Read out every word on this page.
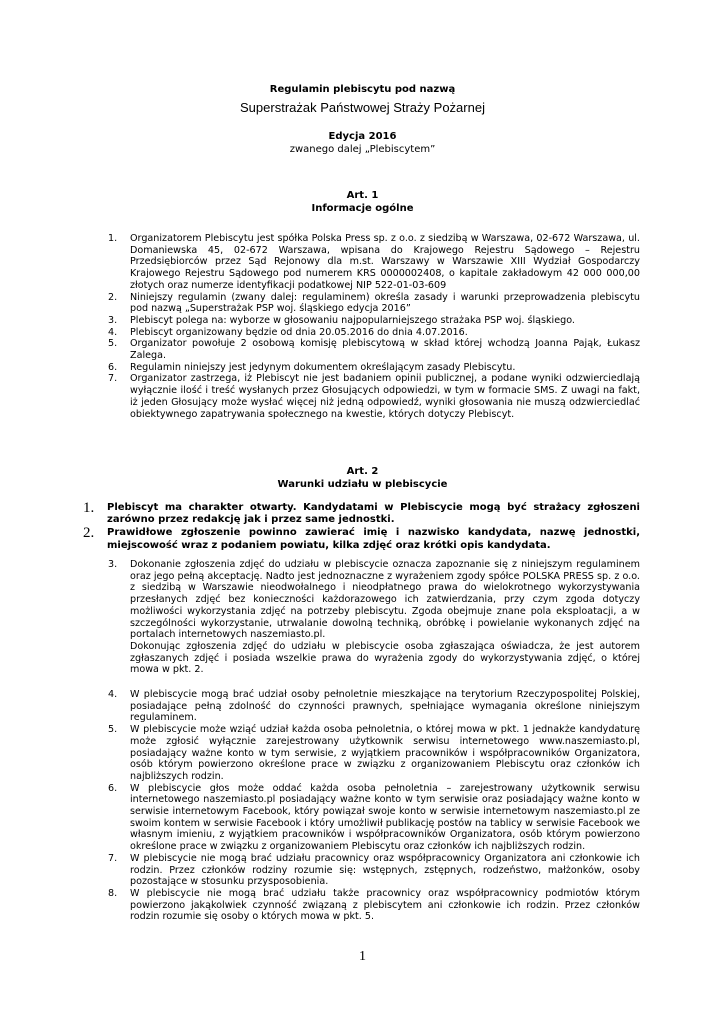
Regulamin plebiscytu pod nazwą
Superstrażak Państwowej Straży Pożarnej
Edycja 2016
zwanego dalej „Plebiscytem”
Art. 1
Informacje ogólne
1. Organizatorem Plebiscytu jest spółka Polska Press sp. z o.o. z siedzibą w Warszawa, 02-672 Warszawa, ul. Domaniewska 45, 02-672 Warszawa, wpisana do Krajowego Rejestru Sądowego – Rejestru Przedsiębiorców przez Sąd Rejonowy dla m.st. Warszawy w Warszawie XIII Wydział Gospodarczy Krajowego Rejestru Sądowego pod numerem KRS 0000002408, o kapitale zakładowym 42 000 000,00 złotych oraz numerze identyfikacji podatkowej NIP 522-01-03-609
2. Niniejszy regulamin (zwany dalej: regulaminem) określa zasady i warunki przeprowadzenia plebiscytu pod nazwą „Superstrażak PSP woj. śląskiego edycja 2016”
3. Plebiscyt polega na: wyborze w głosowaniu najpopularniejszego strażaka PSP woj. śląskiego.
4. Plebiscyt organizowany będzie od dnia 20.05.2016 do dnia 4.07.2016.
5. Organizator powołuje 2 osobową komisję plebiscytową w skład której wchodzą Joanna Pająk, Łukasz Zalega.
6. Regulamin niniejszy jest jedynym dokumentem określającym zasady Plebiscytu.
7. Organizator zastrzega, iż Plebiscyt nie jest badaniem opinii publicznej, a podane wyniki odzwierciedlają wyłącznie ilość i treść wysłanych przez Głosujących odpowiedzi, w tym w formacie SMS. Z uwagi na fakt, iż jeden Głosujący może wysłać więcej niż jedną odpowiedź, wyniki głosowania nie muszą odzwierciedlać obiektywnego zapatrywania społecznego na kwestie, których dotyczy Plebiscyt.
Art. 2
Warunki udziału w plebiscycie
1. Plebiscyt ma charakter otwarty. Kandydatami w Plebiscycie mogą być strażacy zgłoszeni zarówno przez redakcję jak i przez same jednostki.
2. Prawidłowe zgłoszenie powinno zawierać imię i nazwisko kandydata, nazwę jednostki, miejscowość wraz z podaniem powiatu, kilka zdjęć oraz krótki opis kandydata.
3. Dokonanie zgłoszenia zdjęć do udziału w plebiscycie oznacza zapoznanie się z niniejszym regulaminem oraz jego pełną akceptację. Nadto jest jednoznaczne z wyrażeniem zgody spółce POLSKA PRESS sp. z o.o. z siedzibą w Warszawie nieodwołalnego i nieodpłatnego prawa do wielokrotnego wykorzystywania przesłanych zdjęć bez konieczności każdorazowego ich zatwierdzania, przy czym zgoda dotyczy możliwości wykorzystania zdjęć na potrzeby plebiscytu. Zgoda obejmuje znane pola eksploatacji, a w szczególności wykorzystanie, utrwalanie dowolną techniką, obróbkę i powielanie wykonanych zdjęć na portalach internetowych naszemiasto.pl.
Dokonując zgłoszenia zdjęć do udziału w plebiscycie osoba zgłaszająca oświadcza, że jest autorem zgłaszanych zdjęć i posiada wszelkie prawa do wyrażenia zgody do wykorzystywania zdjęć, o której mowa w pkt. 2.
4. W plebiscycie mogą brać udział osoby pełnoletnie mieszkające na terytorium Rzeczypospolitej Polskiej, posiadające pełną zdolność do czynności prawnych, spełniające wymagania określone niniejszym regulaminem.
5. W plebiscycie może wziąć udział każda osoba pełnoletnia, o której mowa w pkt. 1 jednakże kandydaturę może zgłosić wyłącznie zarejestrowany użytkownik serwisu internetowego www.naszemiasto.pl, posiadający ważne konto w tym serwisie, z wyjątkiem pracowników i współpracowników Organizatora, osób którym powierzono określone prace w związku z organizowaniem Plebiscytu oraz członków ich najbliższych rodzin.
6. W plebiscycie głos może oddać każda osoba pełnoletnia – zarejestrowany użytkownik serwisu internetowego naszemiasto.pl posiadający ważne konto w tym serwisie oraz posiadający ważne konto w serwisie internetowym Facebook, który powiązał swoje konto w serwisie internetowym naszemiasto.pl ze swoim kontem w serwisie Facebook i który umożliwił publikację postów na tablicy w serwisie Facebook we własnym imieniu, z wyjątkiem pracowników i współpracowników Organizatora, osób którym powierzono określone prace w związku z organizowaniem Plebiscytu oraz członków ich najbliższych rodzin.
7. W plebiscycie nie mogą brać udziału pracownicy oraz współpracownicy Organizatora ani członkowie ich rodzin. Przez członków rodziny rozumie się: wstępnych, zstępnych, rodzeństwo, małżonków, osoby pozostające w stosunku przysposobienia.
8. W plebiscycie nie mogą brać udziału także pracownicy oraz współpracownicy podmiotów którym powierzono jakąkolwiek czynność związaną z plebiscytem ani członkowie ich rodzin. Przez członków rodzin rozumie się osoby o których mowa w pkt. 5.
1
